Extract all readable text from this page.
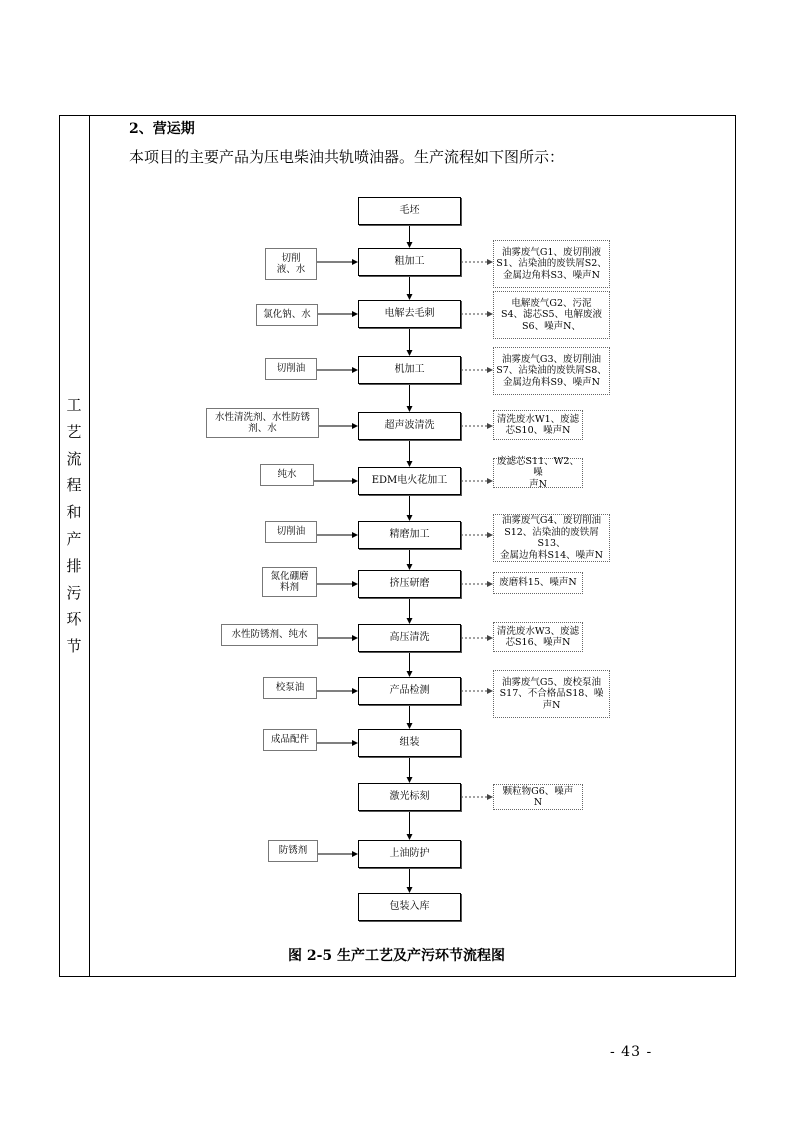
工
艺
流
程
和
产
排
污
环
节
2、营运期
本项目的主要产品为压电柴油共轨喷油器。生产流程如下图所示：
毛坯
粗加工
切削
液、水
油雾废气G1、废切削液
S1、沾染油的废铁屑S2、
金属边角料S3、噪声N
电解去毛刺
氯化钠、水
电解废气G2、污泥
S4、滤芯S5、电解废液
S6、噪声N、
机加工
切削油
油雾废气G3、废切削油
S7、沾染油的废铁屑S8、
金属边角料S9、噪声N
超声波清洗
水性清洗剂、水性防锈
剂、水
清洗废水W1、废滤
芯S10、噪声N
EDM电火花加工
纯水
废滤芯S11、W2、噪
声N
精磨加工
切削油
油雾废气G4、废切削油
S12、沾染油的废铁屑S13、
金属边角料S14、噪声N
挤压研磨
氮化硼磨
料剂	废磨料15、噪声N
高压清洗
水性防锈剂、纯水	清洗废水W3、废滤
芯S16、噪声N
产品检测
校泵油	油雾废气G5、废校泵油
S17、不合格品S18、噪
声N
组装
成品配件
激光标刻	颗粒物G6、噪声
N
上油防护
防锈剂
包装入库
图 2-5 生产工艺及产污环节流程图
- 43 -
